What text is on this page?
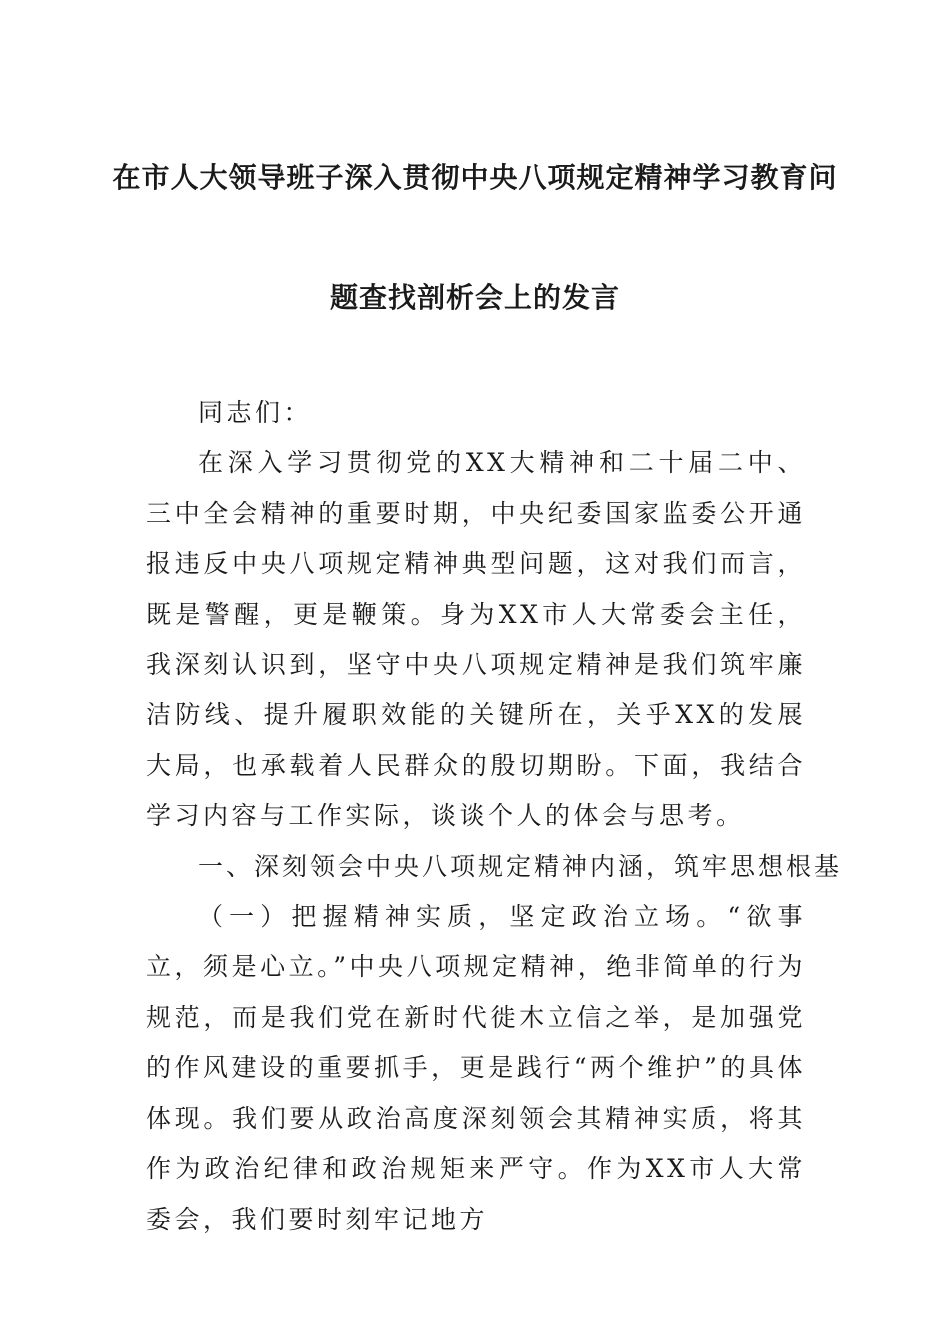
在市人大领导班子深入贯彻中央八项规定精神学习教育问
题查找剖析会上的发言

同志们：

在深入学习贯彻党的XX大精神和二十届二中、三中全会精神的重要时期，中央纪委国家监委公开通报违反中央八项规定精神典型问题，这对我们而言，既是警醒，更是鞭策。身为XX市人大常委会主任，我深刻认识到，坚守中央八项规定精神是我们筑牢廉洁防线、提升履职效能的关键所在，关乎XX的发展大局，也承载着人民群众的殷切期盼。下面，我结合学习内容与工作实际，谈谈个人的体会与思考。

一、深刻领会中央八项规定精神内涵，筑牢思想根基

（一）把握精神实质，坚定政治立场。“欲事立，须是心立。”中央八项规定精神，绝非简单的行为规范，而是我们党在新时代徙木立信之举，是加强党的作风建设的重要抓手，更是践行“两个维护”的具体体现。我们要从政治高度深刻领会其精神实质，将其作为政治纪律和政治规矩来严守。作为XX市人大常委会，我们要时刻牢记地方
